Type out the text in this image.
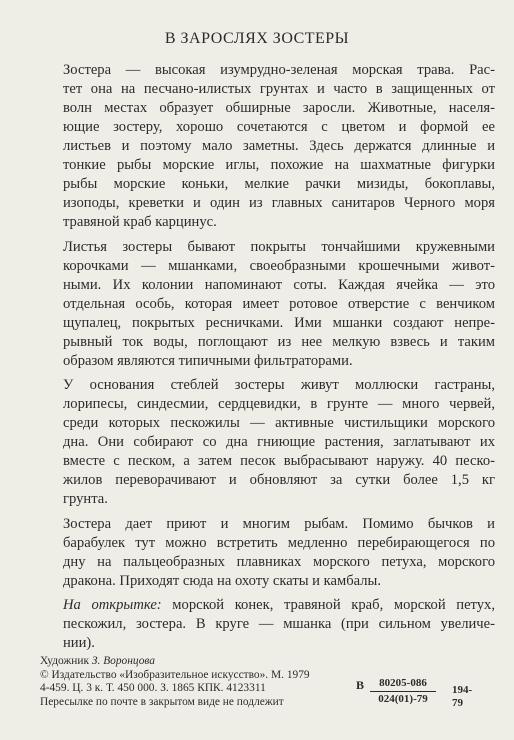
В ЗАРОСЛЯХ ЗОСТЕРЫ
Зостера — высокая изумрудно-зеленая морская трава. Рас-
тет она на песчано-илистых грунтах и часто в защищенных от
волн местах образует обширные заросли. Животные, населя-
ющие зостеру, хорошо сочетаются с цветом и формой ее
листьев и поэтому мало заметны. Здесь держатся длинные и
тонкие рыбы морские иглы, похожие на шахматные фигурки
рыбы морские коньки, мелкие рачки мизиды, бокоплавы,
изоподы, креветки и один из главных санитаров Черного моря
травяной краб карцинус.
Листья зостеры бывают покрыты тончайшими кружевными
корочками — мшанками, своеобразными крошечными живот-
ными. Их колонии напоминают соты. Каждая ячейка — это
отдельная особь, которая имеет ротовое отверстие с венчиком
щупалец, покрытых ресничками. Ими мшанки создают непре-
рывный ток воды, поглощают из нее мелкую взвесь и таким
образом являются типичными фильтраторами.
У основания стеблей зостеры живут моллюски гастраны,
лорипесы, синдесмии, сердцевидки, в грунте — много червей,
среди которых пескожилы — активные чистильщики морского
дна. Они собирают со дна гниющие растения, заглатывают их
вместе с песком, а затем песок выбрасывают наружу. 40 песко-
жилов переворачивают и обновляют за сутки более 1,5 кг
грунта.
Зостера дает приют и многим рыбам. Помимо бычков и
барабулек тут можно встретить медленно перебирающегося по
дну на пальцеобразных плавниках морского петуха, морского
дракона. Приходят сюда на охоту скаты и камбалы.
На открытке: морской конек, травяной краб, морской петух,
пескожил, зостера. В круге — мшанка (при сильном увеличе-
нии).
Художник З. Воронцова
© Издательство «Изобразительное искусство». М. 1979
4-459. Ц. 3 к. Т. 450 000. З. 1865 КПК. 4123311
Пересылке по почте в закрытом виде не подлежит
В $\frac{80205-086}{024(01)-79} 194-79$
